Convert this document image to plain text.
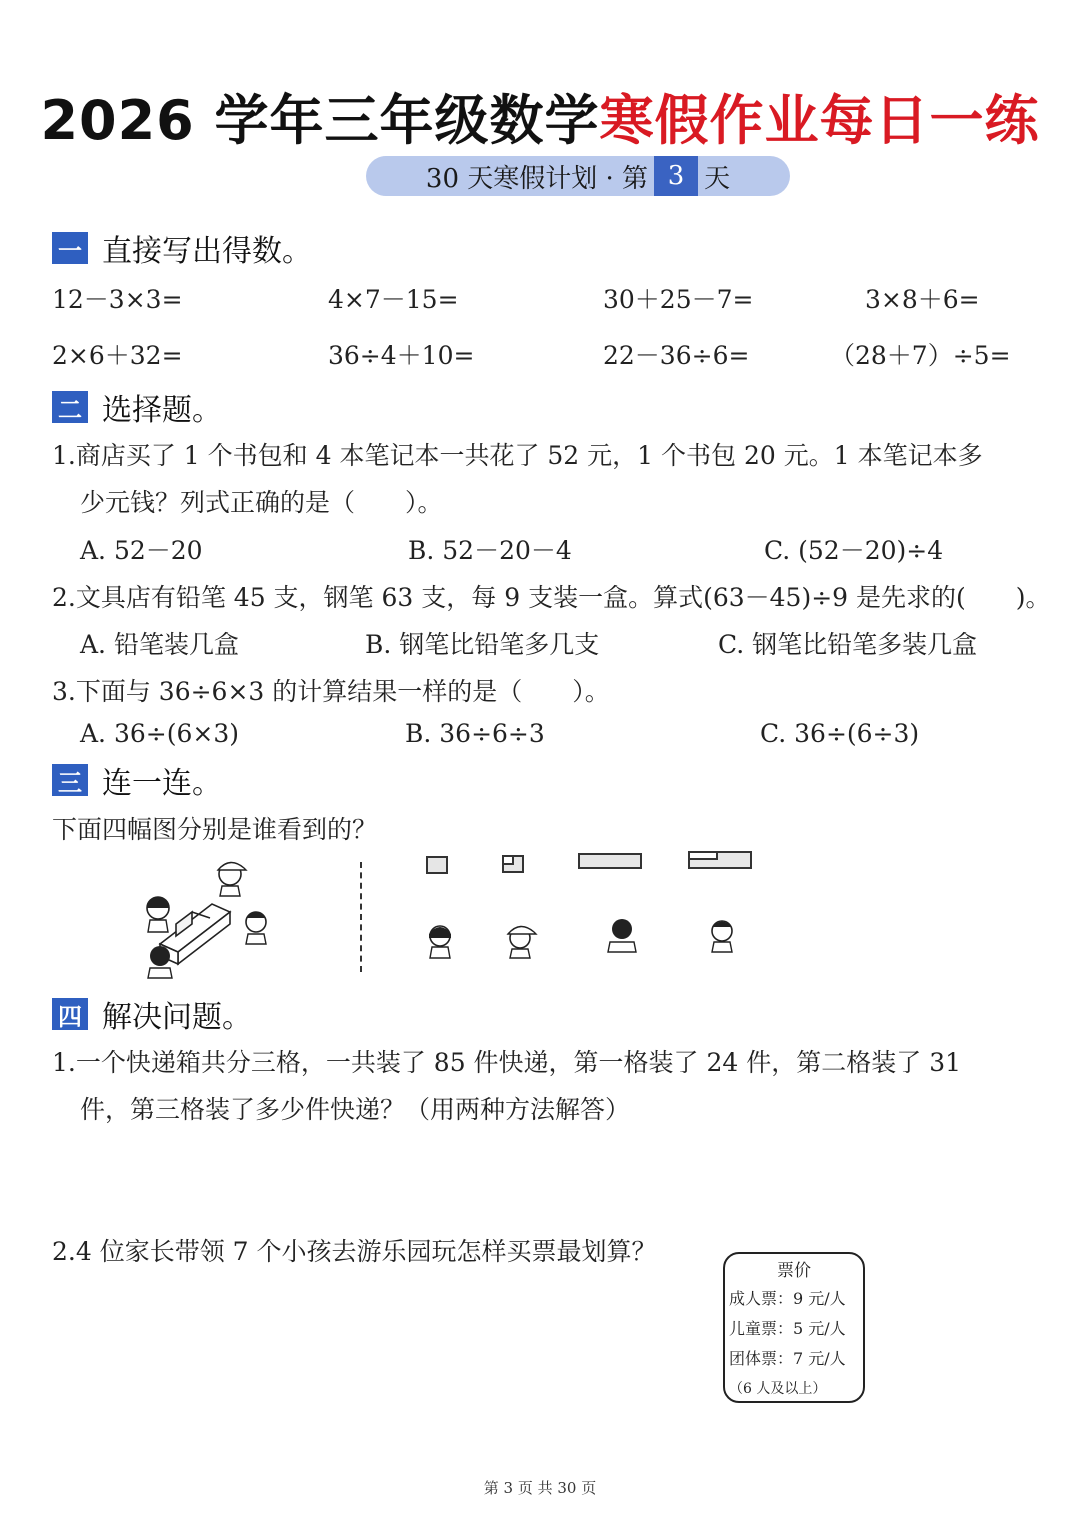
2026 学年三年级数学寒假作业每日一练
30 天寒假计划 · 第 3 天
一 直接写出得数。
12－3×3=	4×7－15=	30＋25－7=	3×8＋6=
2×6＋32=	36÷4＋10=	22－36÷6=	（28＋7）÷5=
二 选择题。
1.商店买了 1 个书包和 4 本笔记本一共花了 52 元，1 个书包 20 元。1 本笔记本多
少元钱？列式正确的是（　　）。
A. 52－20	B. 52－20－4	C. (52－20)÷4
2.文具店有铅笔 45 支，钢笔 63 支，每 9 支装一盒。算式(63－45)÷9 是先求的(　　)。
A. 铅笔装几盒	B. 钢笔比铅笔多几支	C. 钢笔比铅笔多装几盒
3.下面与 36÷6×3 的计算结果一样的是（　　）。
A. 36÷(6×3)	B. 36÷6÷3	C. 36÷(6÷3)
三 连一连。
下面四幅图分别是谁看到的？
四 解决问题。
1.一个快递箱共分三格，一共装了 85 件快递，第一格装了 24 件，第二格装了 31
件，第三格装了多少件快递？（用两种方法解答）
2.4 位家长带领 7 个小孩去游乐园玩怎样买票最划算？
票价
成人票：9 元/人
儿童票：5 元/人
团体票：7 元/人
（6 人及以上）
第 3 页 共 30 页
